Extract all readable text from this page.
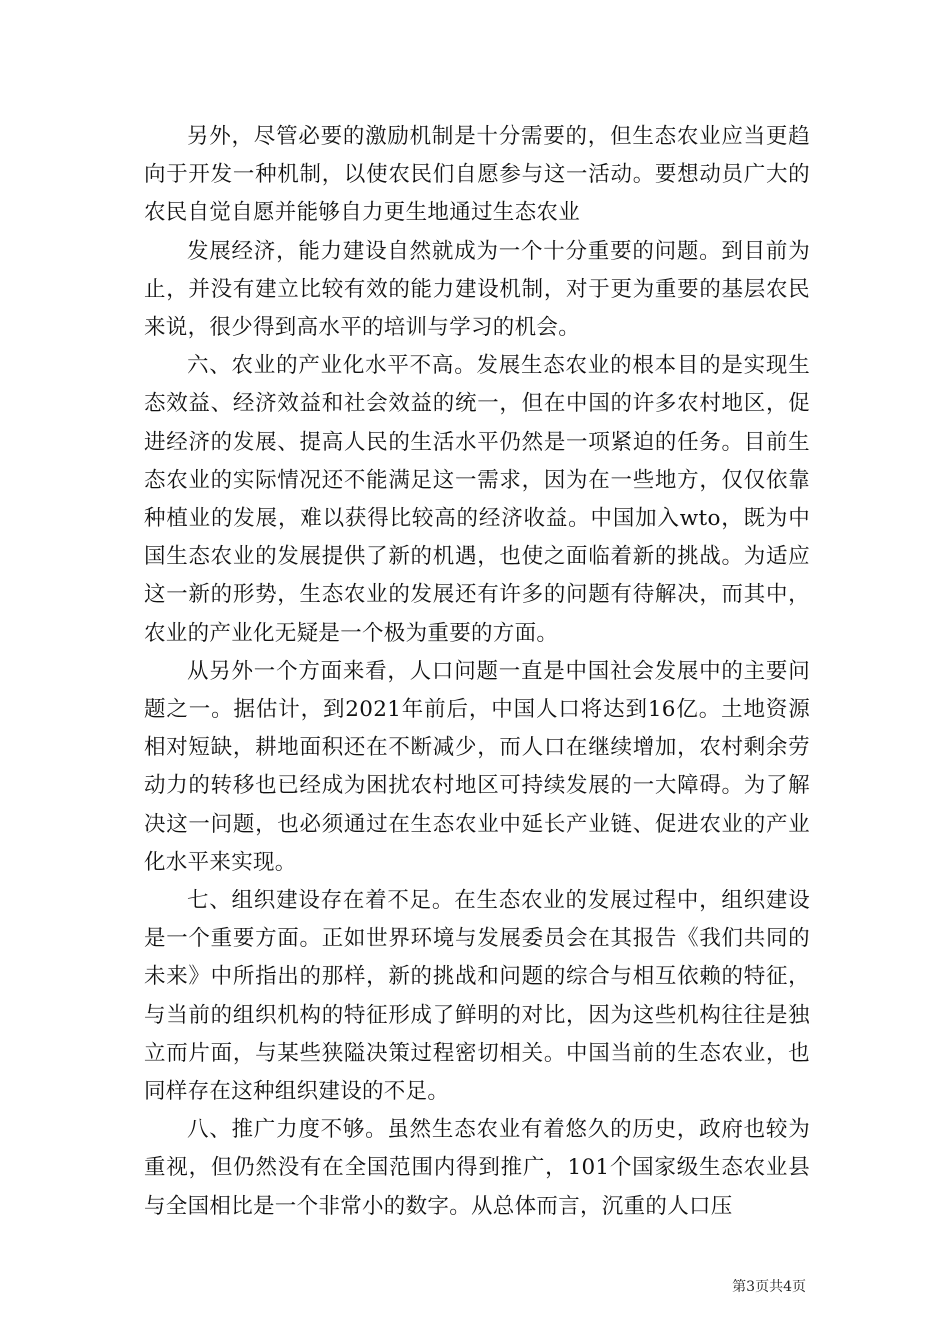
另外，尽管必要的激励机制是十分需要的，但生态农业应当更趋向于开发一种机制，以使农民们自愿参与这一活动。要想动员广大的农民自觉自愿并能够自力更生地通过生态农业

发展经济，能力建设自然就成为一个十分重要的问题。到目前为止，并没有建立比较有效的能力建设机制，对于更为重要的基层农民来说，很少得到高水平的培训与学习的机会。

六、农业的产业化水平不高。发展生态农业的根本目的是实现生态效益、经济效益和社会效益的统一，但在中国的许多农村地区，促进经济的发展、提高人民的生活水平仍然是一项紧迫的任务。目前生态农业的实际情况还不能满足这一需求，因为在一些地方，仅仅依靠种植业的发展，难以获得比较高的经济收益。中国加入wto，既为中国生态农业的发展提供了新的机遇，也使之面临着新的挑战。为适应这一新的形势，生态农业的发展还有许多的问题有待解决，而其中，农业的产业化无疑是一个极为重要的方面。

从另外一个方面来看，人口问题一直是中国社会发展中的主要问题之一。据估计，到2021年前后，中国人口将达到16亿。土地资源相对短缺，耕地面积还在不断减少，而人口在继续增加，农村剩余劳动力的转移也已经成为困扰农村地区可持续发展的一大障碍。为了解决这一问题，也必须通过在生态农业中延长产业链、促进农业的产业化水平来实现。

七、组织建设存在着不足。在生态农业的发展过程中，组织建设是一个重要方面。正如世界环境与发展委员会在其报告《我们共同的未来》中所指出的那样，新的挑战和问题的综合与相互依赖的特征，与当前的组织机构的特征形成了鲜明的对比，因为这些机构往往是独立而片面，与某些狭隘决策过程密切相关。中国当前的生态农业，也同样存在这种组织建设的不足。

八、推广力度不够。虽然生态农业有着悠久的历史，政府也较为重视，但仍然没有在全国范围内得到推广，101个国家级生态农业县与全国相比是一个非常小的数字。从总体而言，沉重的人口压

第3页共4页
